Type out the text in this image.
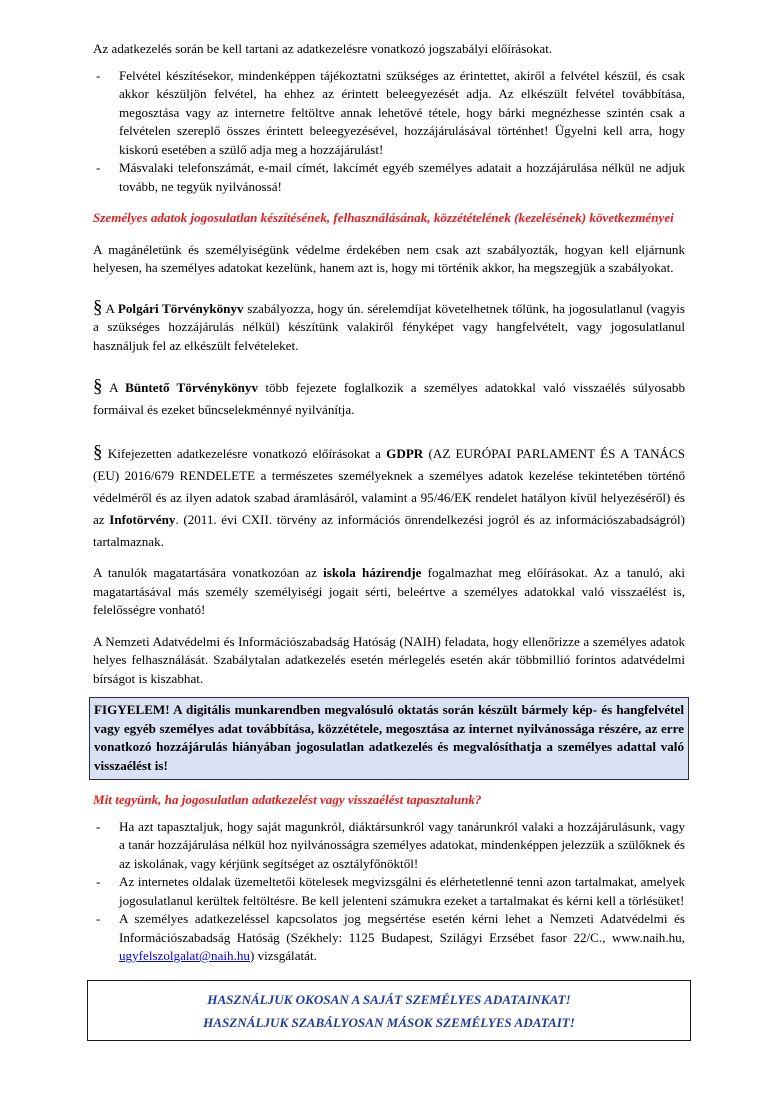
Az adatkezelés során be kell tartani az adatkezelésre vonatkozó jogszabályi előírásokat.

- Felvétel készítésekor, mindenképpen tájékoztatni szükséges az érintettet, akiről a felvétel készül, és csak akkor készüljön felvétel, ha ehhez az érintett beleegyezését adja. Az elkészült felvétel továbbítása, megosztása vagy az internetre feltöltve annak lehetővé tétele, hogy bárki megnézhesse szintén csak a felvételen szereplő összes érintett beleegyezésével, hozzájárulásával történhet! Ügyelni kell arra, hogy kiskorú esetében a szülő adja meg a hozzájárulást!
- Másvalaki telefonszámát, e-mail címét, lakcímét egyéb személyes adatait a hozzájárulása nélkül ne adjuk tovább, ne tegyük nyilvánossá!

Személyes adatok jogosulatlan készítésének, felhasználásának, közzétételének (kezelésének) következményei

A magánéletünk és személyiségünk védelme érdekében nem csak azt szabályozták, hogyan kell eljárnunk helyesen, ha személyes adatokat kezelünk, hanem azt is, hogy mi történik akkor, ha megszegjük a szabályokat.

§ A Polgári Törvénykönyv szabályozza, hogy ún. sérelemdíjat követelhetnek tőlünk, ha jogosulatlanul (vagyis a szükséges hozzájárulás nélkül) készítünk valakiről fényképet vagy hangfelvételt, vagy jogosulatlanul használjuk fel az elkészült felvételeket.

§ A Büntető Törvénykönyv több fejezete foglalkozik a személyes adatokkal való visszaélés súlyosabb formáival és ezeket bűncselekménnyé nyilvánítja.

§ Kifejezetten adatkezelésre vonatkozó előírásokat a GDPR (AZ EURÓPAI PARLAMENT ÉS A TANÁCS (EU) 2016/679 RENDELETE a természetes személyeknek a személyes adatok kezelése tekintetében történő védelméről és az ilyen adatok szabad áramlásáról, valamint a 95/46/EK rendelet hatályon kívül helyezéséről) és az Infotörvény. (2011. évi CXII. törvény az információs önrendelkezési jogról és az információszabadságról) tartalmaznak.

A tanulók magatartására vonatkozóan az iskola házirendje fogalmazhat meg előírásokat. Az a tanuló, aki magatartásával más személy személyiségi jogait sérti, beleértve a személyes adatokkal való visszaélést is, felelősségre vonható!

A Nemzeti Adatvédelmi és Információszabadság Hatóság (NAIH) feladata, hogy ellenőrizze a személyes adatok helyes felhasználását. Szabálytalan adatkezelés esetén mérlegelés esetén akár többmillió forintos adatvédelmi bírságot is kiszabhat.

FIGYELEM! A digitális munkarendben megvalósuló oktatás során készült bármely kép- és hangfelvétel vagy egyéb személyes adat továbbítása, közzététele, megosztása az internet nyilvánossága részére, az erre vonatkozó hozzájárulás hiányában jogosulatlan adatkezelés és megvalósíthatja a személyes adattal való visszaélést is!

Mit tegyünk, ha jogosulatlan adatkezelést vagy visszaélést tapasztalunk?

- Ha azt tapasztaljuk, hogy saját magunkról, diáktársunkról vagy tanárunkról valaki a hozzájárulásunk, vagy a tanár hozzájárulása nélkül hoz nyilvánosságra személyes adatokat, mindenképpen jelezzük a szülőknek és az iskolának, vagy kérjünk segítséget az osztályfőnöktől!
- Az internetes oldalak üzemeltetői kötelesek megvizsgálni és elérhetetlenné tenni azon tartalmakat, amelyek jogosulatlanul kerültek feltöltésre. Be kell jelenteni számukra ezeket a tartalmakat és kérni kell a törlésüket!
- A személyes adatkezeléssel kapcsolatos jog megsértése esetén kérni lehet a Nemzeti Adatvédelmi és Információszabadság Hatóság (Székhely: 1125 Budapest, Szilágyi Erzsébet fasor 22/C., www.naih.hu, ugyfelszolgalat@naih.hu) vizsgálatát.

HASZNÁLJUK OKOSAN A SAJÁT SZEMÉLYES ADATAINKAT!

HASZNÁLJUK SZABÁLYOSAN MÁSOK SZEMÉLYES ADATAIT!
